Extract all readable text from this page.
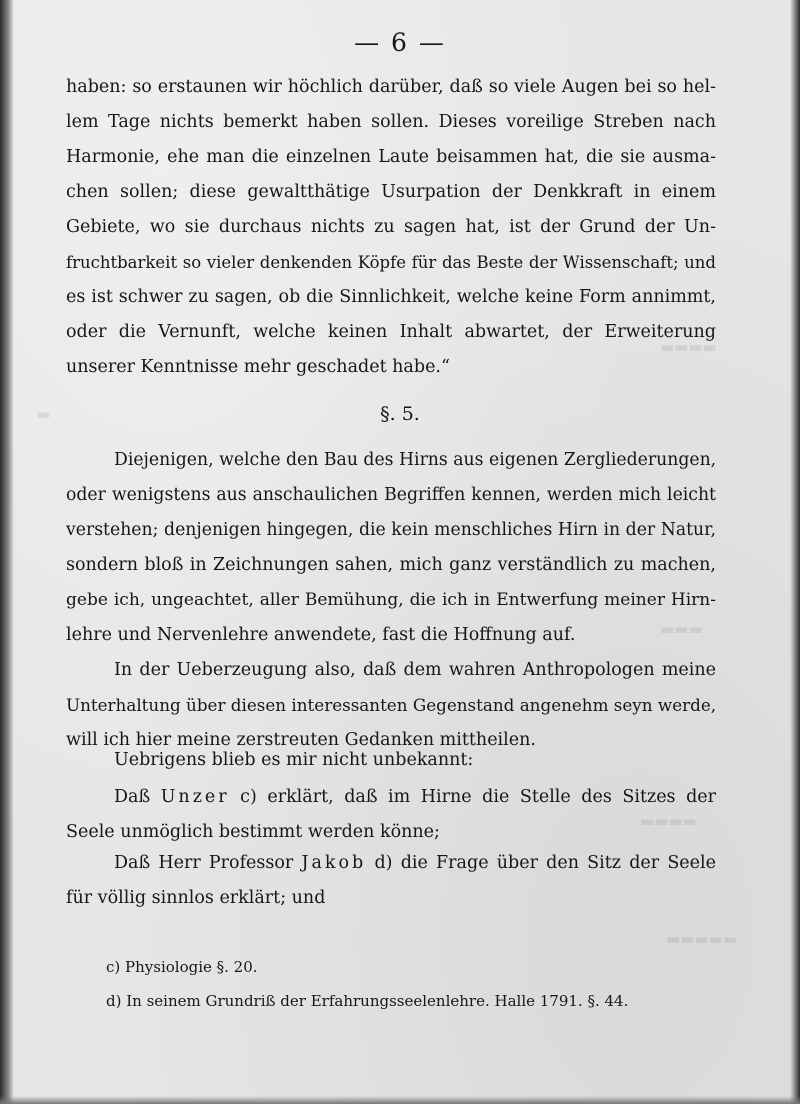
▬▬▬▬
▬
▬▬▬
▬▬▬▬
▬▬▬▬▬
— 6 —
haben: so erstaunen wir höchlich darüber, daß so viele Augen bei so hel-
lem Tage nichts bemerkt haben sollen. Dieses voreilige Streben nach
Harmonie, ehe man die einzelnen Laute beisammen hat, die sie ausma-
chen sollen; diese gewaltthätige Usurpation der Denkkraft in einem
Gebiete, wo sie durchaus nichts zu sagen hat, ist der Grund der Un-
fruchtbarkeit so vieler denkenden Köpfe für das Beste der Wissenschaft; und
es ist schwer zu sagen, ob die Sinnlichkeit, welche keine Form annimmt,
oder die Vernunft, welche keinen Inhalt abwartet, der Erweiterung
unserer Kenntnisse mehr geschadet habe.“
§. 5.
Diejenigen, welche den Bau des Hirns aus eigenen Zergliederungen,
oder wenigstens aus anschaulichen Begriffen kennen, werden mich leicht
verstehen; denjenigen hingegen, die kein menschliches Hirn in der Natur,
sondern bloß in Zeichnungen sahen, mich ganz verständlich zu machen,
gebe ich, ungeachtet, aller Bemühung, die ich in Entwerfung meiner Hirn-
lehre und Nervenlehre anwendete, fast die Hoffnung auf.
In der Ueberzeugung also, daß dem wahren Anthropologen meine
Unterhaltung über diesen interessanten Gegenstand angenehm seyn werde,
will ich hier meine zerstreuten Gedanken mittheilen.
Uebrigens blieb es mir nicht unbekannt:
Daß Unzer c) erklärt, daß im Hirne die Stelle des Sitzes der
Seele unmöglich bestimmt werden könne;
Daß Herr Professor Jakob d) die Frage über den Sitz der Seele
für völlig sinnlos erklärt; und
c) Physiologie §. 20.
d) In seinem Grundriß der Erfahrungsseelenlehre. Halle 1791. §. 44.
